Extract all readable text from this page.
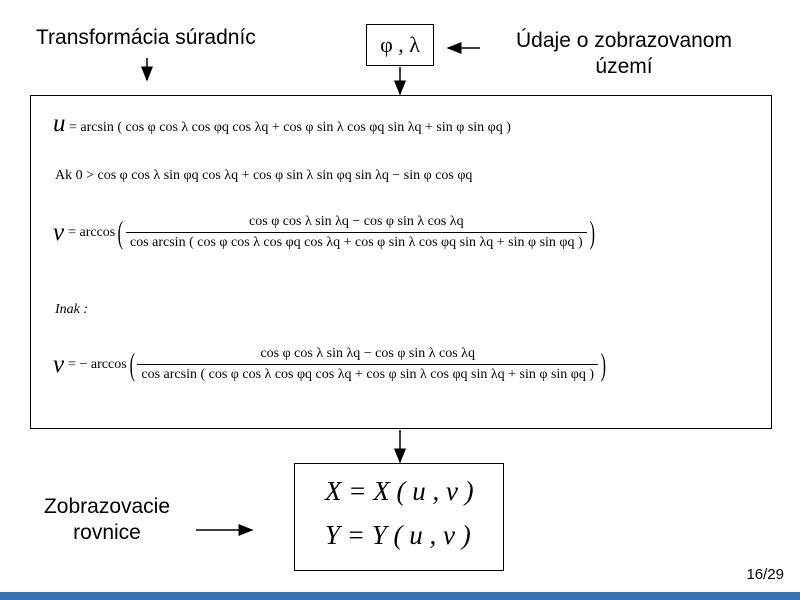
Transformácia súradníc	φ , λ	Údaje o zobrazovanom
území
u = arcsin ( cos φ cos λ cos φq cos λq + cos φ sin λ cos φq sin λq + sin φ sin φq )
Ak 0 > cos φ cos λ sin φq cos λq + cos φ sin λ sin φq sin λq − sin φ cos φq
v = arccos (	cos φ cos λ sin λq − cos φ sin λ cos λq
cos arcsin ( cos φ cos λ cos φq cos λq + cos φ sin λ cos φq sin λq + sin φ sin φq ) )
Inak :
v = − arccos (	cos φ cos λ sin λq − cos φ sin λ cos λq
cos arcsin ( cos φ cos λ cos φq cos λq + cos φ sin λ cos φq sin λq + sin φ sin φq ) )
Zobrazovacie
rovnice
X = X ( u , v )
Y = Y ( u , v )
16/29
